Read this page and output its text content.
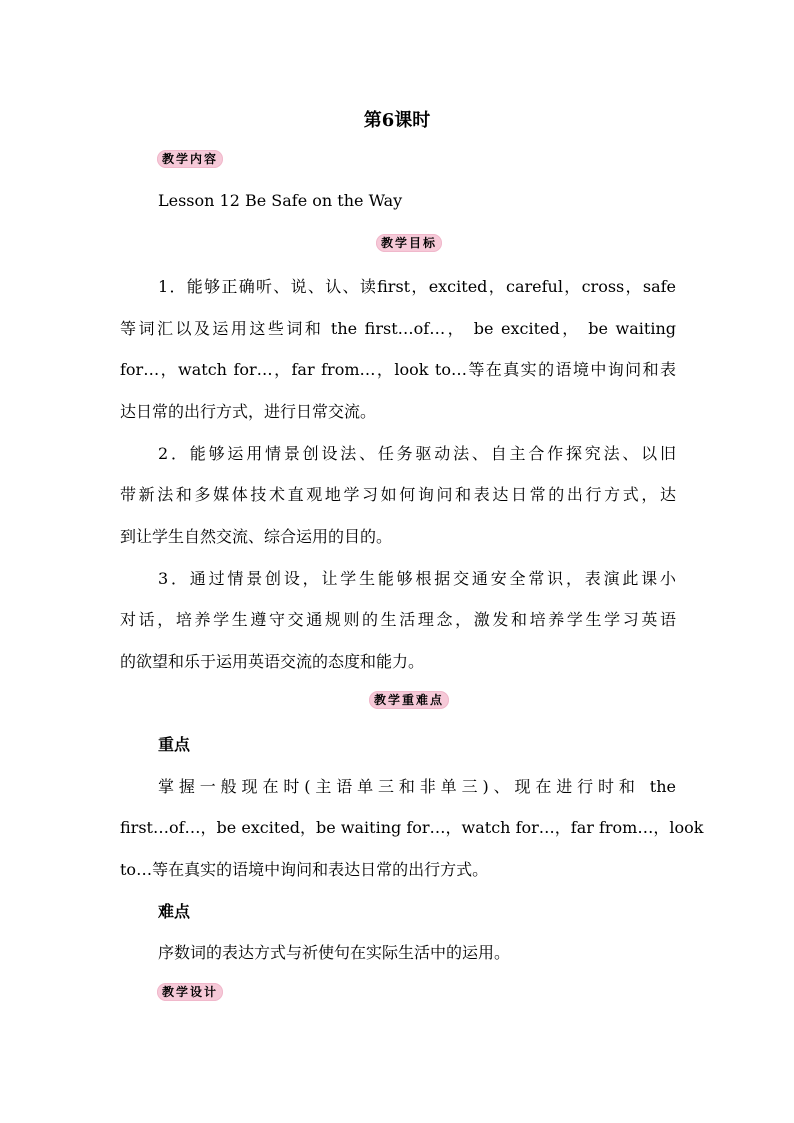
第6课时
教学内容
Lesson 12 Be Safe on the Way
教学目标
1．能够正确听、说、认、读first，excited，careful，cross，safe
等词汇以及运用这些词和 the first…of…， be excited， be waiting
for…，watch for…，far from…，look to…等在真实的语境中询问和表
达日常的出行方式，进行日常交流。
2．能够运用情景创设法、任务驱动法、自主合作探究法、以旧
带新法和多媒体技术直观地学习如何询问和表达日常的出行方式，达
到让学生自然交流、综合运用的目的。
3．通过情景创设，让学生能够根据交通安全常识，表演此课小
对话，培养学生遵守交通规则的生活理念，激发和培养学生学习英语
的欲望和乐于运用英语交流的态度和能力。
教学重难点
重点
掌握一般现在时(主语单三和非单三)、现在进行时和 the
first…of…，be excited，be waiting for…，watch for…，far from…，look
to…等在真实的语境中询问和表达日常的出行方式。
难点
序数词的表达方式与祈使句在实际生活中的运用。
教学设计
